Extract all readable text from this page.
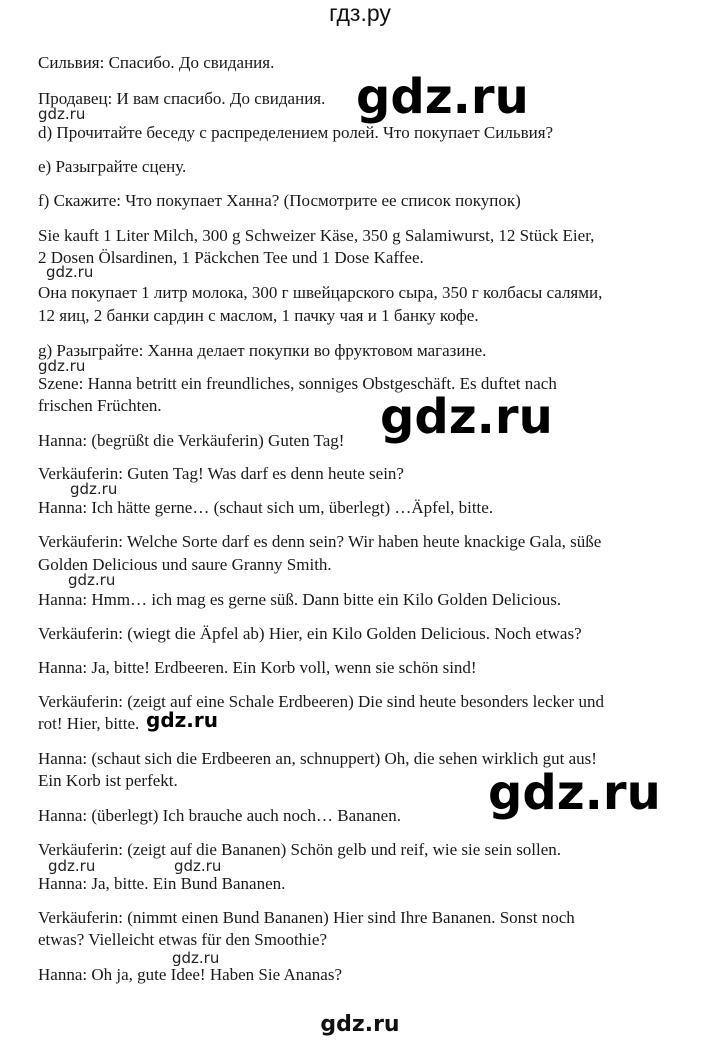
гдз.ру
Сильвия: Спасибо. До свидания.
Продавец: И вам спасибо. До свидания.
d) Прочитайте беседу с распределением ролей. Что покупает Сильвия?
e) Разыграйте сцену.
f) Скажите: Что покупает Ханна? (Посмотрите ее список покупок)
Sie kauft 1 Liter Milch, 300 g Schweizer Käse, 350 g Salamiwurst, 12 Stück Eier,
2 Dosen Ölsardinen, 1 Päckchen Tee und 1 Dose Kaffee.
Она покупает 1 литр молока, 300 г швейцарского сыра, 350 г колбасы салями,
12 яиц, 2 банки сардин с маслом, 1 пачку чая и 1 банку кофе.
g) Разыграйте: Ханна делает покупки во фруктовом магазине.
Szene: Hanna betritt ein freundliches, sonniges Obstgeschäft. Es duftet nach
frischen Früchten.
Hanna: (begrüßt die Verkäuferin) Guten Tag!
Verkäuferin: Guten Tag! Was darf es denn heute sein?
Hanna: Ich hätte gerne… (schaut sich um, überlegt) …Äpfel, bitte.
Verkäuferin: Welche Sorte darf es denn sein? Wir haben heute knackige Gala, süße
Golden Delicious und saure Granny Smith.
Hanna: Hmm… ich mag es gerne süß. Dann bitte ein Kilo Golden Delicious.
Verkäuferin: (wiegt die Äpfel ab) Hier, ein Kilo Golden Delicious. Noch etwas?
Hanna: Ja, bitte! Erdbeeren. Ein Korb voll, wenn sie schön sind!
Verkäuferin: (zeigt auf eine Schale Erdbeeren) Die sind heute besonders lecker und
rot! Hier, bitte.
Hanna: (schaut sich die Erdbeeren an, schnuppert) Oh, die sehen wirklich gut aus!
Ein Korb ist perfekt.
Hanna: (überlegt) Ich brauche auch noch… Bananen.
Verkäuferin: (zeigt auf die Bananen) Schön gelb und reif, wie sie sein sollen.
Hanna: Ja, bitte. Ein Bund Bananen.
Verkäuferin: (nimmt einen Bund Bananen) Hier sind Ihre Bananen. Sonst noch
etwas? Vielleicht etwas für den Smoothie?
Hanna: Oh ja, gute Idee! Haben Sie Ananas?
gdz.ru
gdz.ru
gdz.ru
gdz.ru
gdz.ru
gdz.ru
gdz.ru
gdz.ru
gdz.ru
gdz.ru	gdz.ru
gdz.ru
gdz.ru
